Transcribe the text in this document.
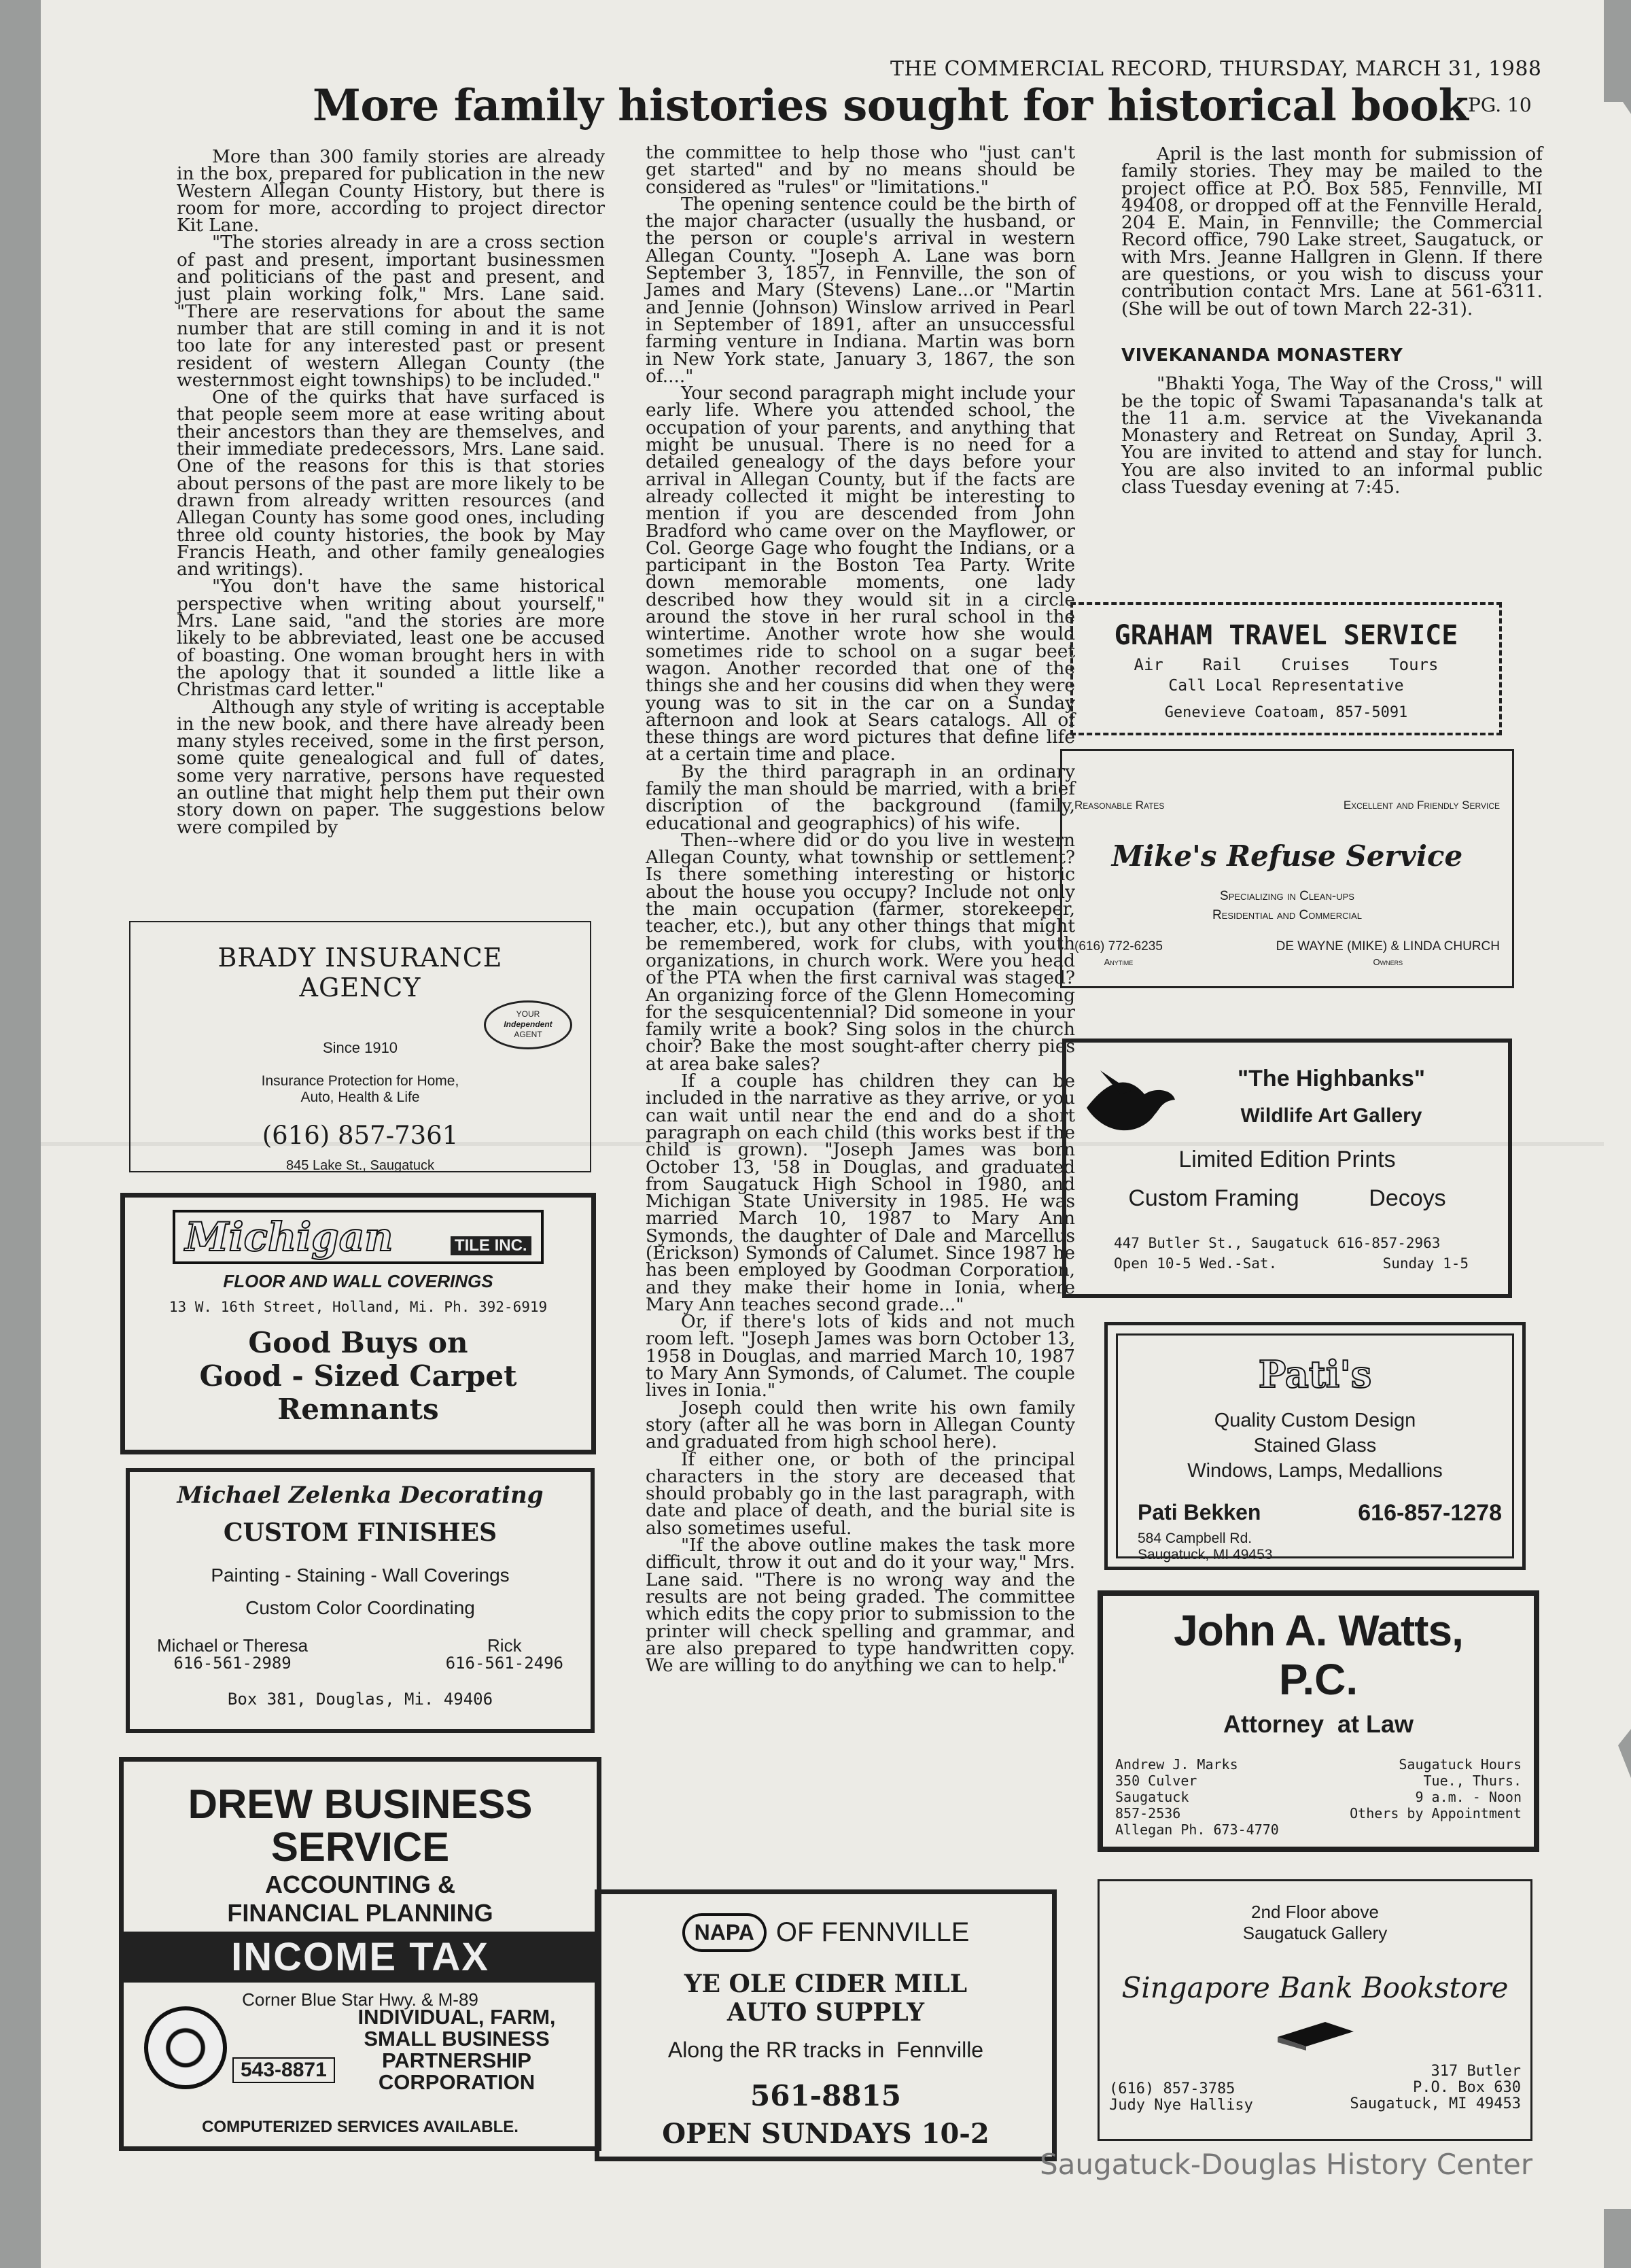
THE COMMERCIAL RECORD, THURSDAY, MARCH 31, 1988
PG. 10
More family histories sought for historical book

More than 300 family stories are already in the box, prepared for publication in the new Western Allegan County History, but there is room for more, according to project director Kit Lane.

"The stories already in are a cross section of past and present, important businessmen and politicians of the past and present, and just plain working folk," Mrs. Lane said. "There are reservations for about the same number that are still coming in and it is not too late for any interested past or present resident of western Allegan County (the westernmost eight townships) to be included."

One of the quirks that have surfaced is that people seem more at ease writing about their ancestors than they are themselves, and their immediate predecessors, Mrs. Lane said. One of the reasons for this is that stories about persons of the past are more likely to be drawn from already written resources (and Allegan County has some good ones, including three old county histories, the book by May Francis Heath, and other family genealogies and writings).

"You don't have the same historical perspective when writing about yourself," Mrs. Lane said, "and the stories are more likely to be abbreviated, least one be accused of boasting. One woman brought hers in with the apology that it sounded a little like a Christmas card letter."

Although any style of writing is acceptable in the new book, and there have already been many styles received, some in the first person, some quite genealogical and full of dates, some very narrative, persons have requested an outline that might help them put their own story down on paper. The suggestions below were compiled by

the committee to help those who "just can't get started" and by no means should be considered as "rules" or "limitations."

The opening sentence could be the birth of the major character (usually the husband, or the person or couple's arrival in western Allegan County. "Joseph A. Lane was born September 3, 1857, in Fennville, the son of James and Mary (Stevens) Lane...or "Martin and Jennie (Johnson) Winslow arrived in Pearl in September of 1891, after an unsuccessful farming venture in Indiana. Martin was born in New York state, January 3, 1867, the son of...."

Your second paragraph might include your early life. Where you attended school, the occupation of your parents, and anything that might be unusual. There is no need for a detailed genealogy of the days before your arrival in Allegan County, but if the facts are already collected it might be interesting to mention if you are descended from John Bradford who came over on the Mayflower, or Col. George Gage who fought the Indians, or a participant in the Boston Tea Party. Write down memorable moments, one lady described how they would sit in a circle around the stove in her rural school in the wintertime. Another wrote how she would sometimes ride to school on a sugar beet wagon. Another recorded that one of the things she and her cousins did when they were young was to sit in the car on a Sunday afternoon and look at Sears catalogs. All of these things are word pictures that define life at a certain time and place.

By the third paragraph in an ordinary family the man should be married, with a brief discription of the background (family, educational and geographics) of his wife.

Then--where did or do you live in western Allegan County, what township or settlement? Is there something interesting or historic about the house you occupy? Include not only the main occupation (farmer, storekeeper, teacher, etc.), but any other things that might be remembered, work for clubs, with youth organizations, in church work. Were you head of the PTA when the first carnival was staged? An organizing force of the Glenn Homecoming for the sesquicentennial? Did someone in your family write a book? Sing solos in the church choir? Bake the most sought-after cherry pies at area bake sales?

If a couple has children they can be included in the narrative as they arrive, or you can wait until near the end and do a short paragraph on each child (this works best if the child is grown). "Joseph James was born October 13, '58 in Douglas, and graduated from Saugatuck High School in 1980, and Michigan State University in 1985. He was married March 10, 1987 to Mary Ann Symonds, the daughter of Dale and Marcellus (Erickson) Symonds of Calumet. Since 1987 he has been employed by Goodman Corporation, and they make their home in Ionia, where Mary Ann teaches second grade..."

Or, if there's lots of kids and not much room left. "Joseph James was born October 13, 1958 in Douglas, and married March 10, 1987 to Mary Ann Symonds, of Calumet. The couple lives in Ionia."

Joseph could then write his own family story (after all he was born in Allegan County and graduated from high school here).

If either one, or both of the principal characters in the story are deceased that should probably go in the last paragraph, with date and place of death, and the burial site is also sometimes useful.

"If the above outline makes the task more difficult, throw it out and do it your way," Mrs. Lane said. "There is no wrong way and the results are not being graded. The committee which edits the copy prior to submission to the printer will check spelling and grammar, and are also prepared to type handwritten copy. We are willing to do anything we can to help."

April is the last month for submission of family stories. They may be mailed to the project office at P.O. Box 585, Fennville, MI 49408, or dropped off at the Fennville Herald, 204 E. Main, in Fennville; the Commercial Record office, 790 Lake street, Saugatuck, or with Mrs. Jeanne Hallgren in Glenn. If there are questions, or you wish to discuss your contribution contact Mrs. Lane at 561-6311. (She will be out of town March 22-31).

VIVEKANANDA MONASTERY

"Bhakti Yoga, The Way of the Cross," will be the topic of Swami Tapasananda's talk at the 11 a.m. service at the Vivekananda Monastery and Retreat on Sunday, April 3. You are invited to attend and stay for lunch. You are also invited to an informal public class Tuesday evening at 7:45.

GRAHAM TRAVEL SERVICE
Air    Rail    Cruises    Tours
Call Local Representative
Genevieve Coatoam, 857-5091
Reasonable Rates	Excellent and Friendly Service
Mike's Refuse Service
Specializing in Clean-ups
Residential and Commercial
(616) 772-6235
Anytime
DE WAYNE (MIKE) & LINDA CHURCH
Owners
"The Highbanks"
Wildlife Art Gallery
Limited Edition Prints
Custom Framing	Decoys
447 Butler St., Saugatuck 616-857-2963
Open 10-5 Wed.-Sat.	Sunday 1-5
Pati's
Quality Custom Design
Stained Glass
Windows, Lamps, Medallions
Pati Bekken	616-857-1278
584 Campbell Rd.
Saugatuck, MI 49453
John A. Watts,
P.C.
Attorney  at Law
Andrew J. Marks
350 Culver
Saugatuck
857-2536
Allegan Ph. 673-4770
Saugatuck Hours
Tue., Thurs.
9 a.m. - Noon
Others by Appointment
2nd Floor above
Saugatuck Gallery
Singapore Bank Bookstore
(616) 857-3785
Judy Nye Hallisy
317 Butler
P.O. Box 630
Saugatuck, MI 49453
BRADY INSURANCE
AGENCY
YOUR
Independent
AGENT
Since 1910
Insurance Protection for Home,
Auto, Health & Life
(616) 857-7361
845 Lake St., Saugatuck
Michigan	TILE INC.
FLOOR AND WALL COVERINGS
13 W. 16th Street, Holland, Mi. Ph. 392-6919
Good Buys on
Good - Sized Carpet
Remnants
Michael Zelenka Decorating
CUSTOM FINISHES
Painting - Staining - Wall Coverings
Custom Color Coordinating
Michael or Theresa
616-561-2989
Rick
616-561-2496
Box 381, Douglas, Mi. 49406
DREW BUSINESS
SERVICE
ACCOUNTING &
FINANCIAL PLANNING
INCOME TAX
Corner Blue Star Hwy. & M-89
543-8871
INDIVIDUAL, FARM,
SMALL BUSINESS
PARTNERSHIP
CORPORATION
COMPUTERIZED SERVICES AVAILABLE.
NAPA OF FENNVILLE
YE OLE CIDER MILL
AUTO SUPPLY
Along the RR tracks in  Fennville
561-8815
OPEN SUNDAYS 10-2
Saugatuck-Douglas History Center
